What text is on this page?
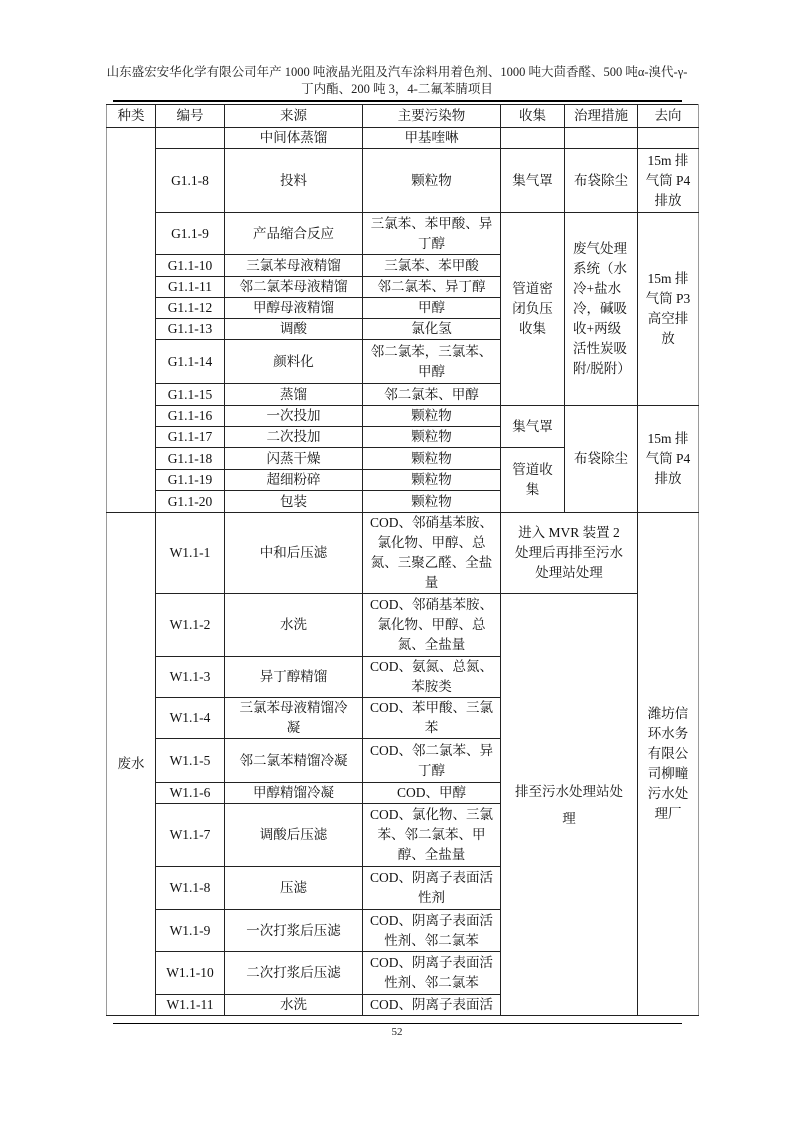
山东盛宏安华化学有限公司年产 1000 吨液晶光阻及汽车涂料用着色剂、1000 吨大茴香醛、500 吨α-溴代-γ-
丁内酯、200 吨 3，4-二氟苯腈项目
种类	编号	来源	主要污染物	收集	治理措施	去向
		中间体蒸馏	甲基喹啉			
	G1.1-8	投料	颗粒物	集气罩	布袋除尘	15m 排气筒 P4 排放
	G1.1-9	产品缩合反应	三氯苯、苯甲酸、异丁醇	管道密闭负压收集	废气处理系统（水冷+盐水冷，碱吸收+两级活性炭吸附/脱附）	15m 排气筒 P3 高空排放
	G1.1-10	三氯苯母液精馏	三氯苯、苯甲酸			
	G1.1-11	邻二氯苯母液精馏	邻二氯苯、异丁醇			
	G1.1-12	甲醇母液精馏	甲醇			
	G1.1-13	调酸	氯化氢			
	G1.1-14	颜料化	邻二氯苯，三氯苯、甲醇			
	G1.1-15	蒸馏	邻二氯苯、甲醇			
	G1.1-16	一次投加	颗粒物	集气罩	布袋除尘	15m 排气筒 P4 排放
	G1.1-17	二次投加	颗粒物			
	G1.1-18	闪蒸干燥	颗粒物	管道收集		
	G1.1-19	超细粉碎	颗粒物			
	G1.1-20	包装	颗粒物			
废水	W1.1-1	中和后压滤	COD、邻硝基苯胺、氯化物、甲醇、总氮、三聚乙醛、全盐量	进入 MVR 装置 2 处理后再排至污水处理站处理		潍坊信环水务有限公司柳疃污水处理厂
	W1.1-2	水洗	COD、邻硝基苯胺、氯化物、甲醇、总氮、全盐量	排至污水处理站处理		
	W1.1-3	异丁醇精馏	COD、氨氮、总氮、苯胺类			
	W1.1-4	三氯苯母液精馏冷凝	COD、苯甲酸、三氯苯			
	W1.1-5	邻二氯苯精馏冷凝	COD、邻二氯苯、异丁醇			
	W1.1-6	甲醇精馏冷凝	COD、甲醇			
	W1.1-7	调酸后压滤	COD、氯化物、三氯苯、邻二氯苯、甲醇、全盐量			
	W1.1-8	压滤	COD、阴离子表面活性剂			
	W1.1-9	一次打浆后压滤	COD、阴离子表面活性剂、邻二氯苯			
	W1.1-10	二次打浆后压滤	COD、阴离子表面活性剂、邻二氯苯			
	W1.1-11	水洗	COD、阴离子表面活			
52
